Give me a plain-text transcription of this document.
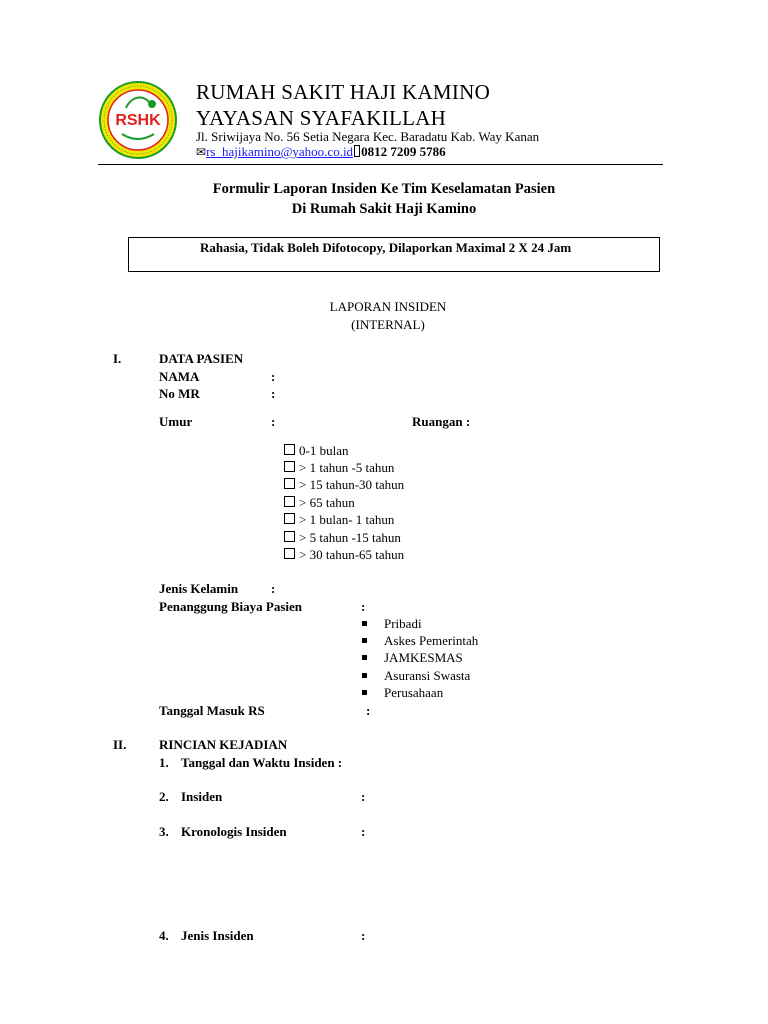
RSHK
RUMAH SAKIT HAJI KAMINO
YAYASAN SYAFAKILLAH
Jl. Sriwijaya No. 56 Setia Negara Kec. Baradatu Kab. Way Kanan
✉rs_hajikamino@yahoo.co.id 0812 7209 5786
Formulir Laporan Insiden Ke Tim Keselamatan Pasien
Di Rumah Sakit Haji Kamino
Rahasia, Tidak Boleh Difotocopy, Dilaporkan Maximal 2 X 24 Jam
LAPORAN INSIDEN
(INTERNAL)
I.	DATA PASIEN
NAMA	:
No MR	:
Umur	:	Ruangan :
0-1 bulan
> 1 tahun -5 tahun
> 15 tahun-30 tahun
> 65 tahun
> 1 bulan- 1 tahun
> 5 tahun -15 tahun
> 30 tahun-65 tahun
Jenis Kelamin	:
Penanggung Biaya Pasien	:
Pribadi
Askes Pemerintah
JAMKESMAS
Asuransi Swasta
Perusahaan
Tanggal Masuk RS	:
II.	RINCIAN KEJADIAN
1. Tanggal dan Waktu Insiden :
2. Insiden	:
3. Kronologis Insiden	:
4. Jenis Insiden	:
